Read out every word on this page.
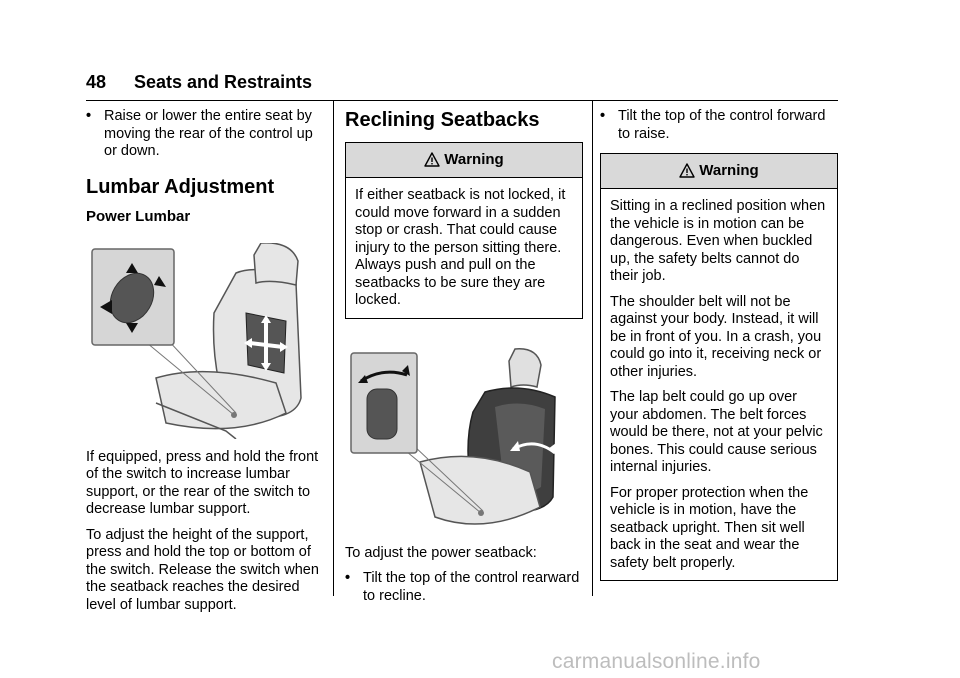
48 Seats and Restraints
• Raise or lower the entire seat by moving the rear of the control up or down.
Lumbar Adjustment
Power Lumbar

If equipped, press and hold the front of the switch to increase lumbar support, or the rear of the switch to decrease lumbar support.

To adjust the height of the support, press and hold the top or bottom of the switch. Release the switch when the seatback reaches the desired level of lumbar support.

Reclining Seatbacks
Warning

If either seatback is not locked, it could move forward in a sudden stop or crash. That could cause injury to the person sitting there. Always push and pull on the seatbacks to be sure they are locked.

To adjust the power seatback:

• Tilt the top of the control rearward to recline.
• Tilt the top of the control forward to raise.
Warning

Sitting in a reclined position when the vehicle is in motion can be dangerous. Even when buckled up, the safety belts cannot do their job.

The shoulder belt will not be against your body. Instead, it will be in front of you. In a crash, you could go into it, receiving neck or other injuries.

The lap belt could go up over your abdomen. The belt forces would be there, not at your pelvic bones. This could cause serious internal injuries.

For proper protection when the vehicle is in motion, have the seatback upright. Then sit well back in the seat and wear the safety belt properly.

carmanualsonline.info
